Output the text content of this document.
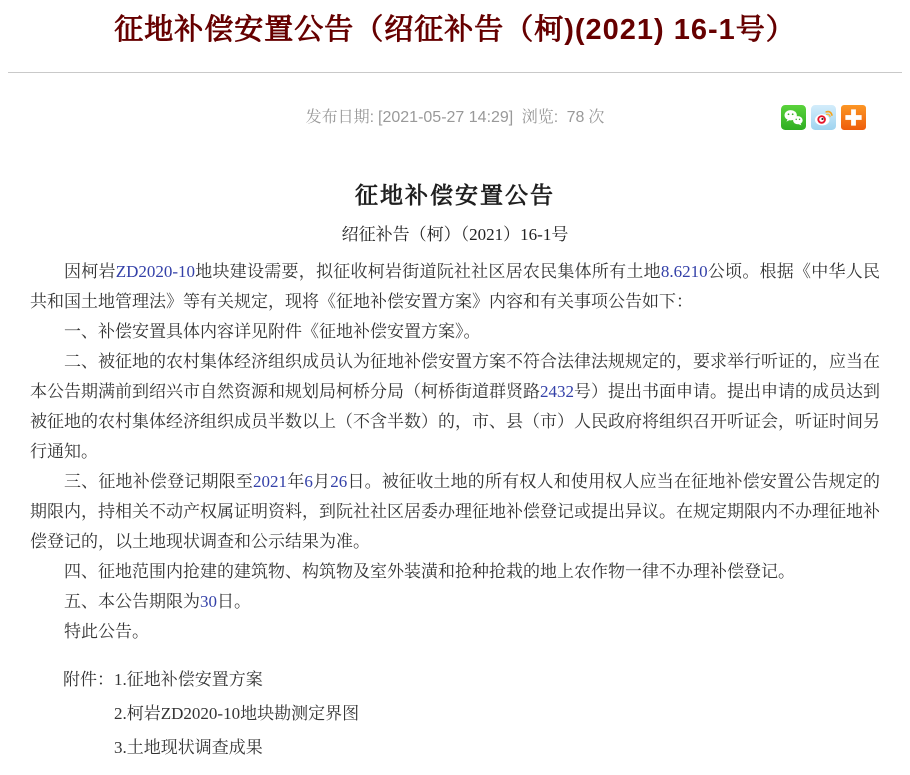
征地补偿安置公告（绍征补告（柯)(2021) 16-1号）
发布日期: [2021-05-27 14:29] 浏览: 78 次
征地补偿安置公告
绍征补告（柯）（2021）16-1号

因柯岩ZD2020-10地块建设需要，拟征收柯岩街道阮社社区居农民集体所有土地8.6210公顷。根据《中华人民共和国土地管理法》等有关规定，现将《征地补偿安置方案》内容和有关事项公告如下：

一、补偿安置具体内容详见附件《征地补偿安置方案》。

二、被征地的农村集体经济组织成员认为征地补偿安置方案不符合法律法规规定的，要求举行听证的，应当在本公告期满前到绍兴市自然资源和规划局柯桥分局（柯桥街道群贤路2432号）提出书面申请。提出申请的成员达到被征地的农村集体经济组织成员半数以上（不含半数）的，市、县（市）人民政府将组织召开听证会，听证时间另行通知。

三、征地补偿登记期限至2021年6月26日。被征收土地的所有权人和使用权人应当在征地补偿安置公告规定的期限内，持相关不动产权属证明资料，到阮社社区居委办理征地补偿登记或提出异议。在规定期限内不办理征地补偿登记的，以土地现状调查和公示结果为准。

四、征地范围内抢建的建筑物、构筑物及室外装潢和抢种抢栽的地上农作物一律不办理补偿登记。

五、本公告期限为30日。

特此公告。

附件： 1.征地补偿安置方案
2.柯岩ZD2020-10地块勘测定界图
3.土地现状调查成果
